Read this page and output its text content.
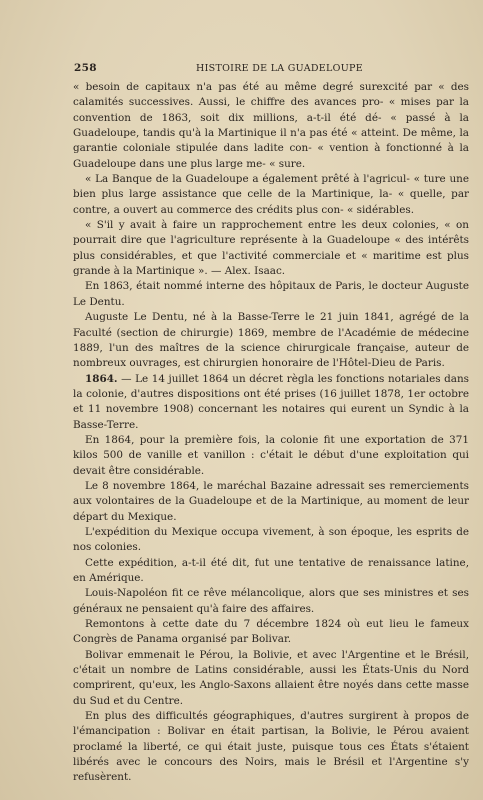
258	HISTOIRE DE LA GUADELOUPE

« besoin de capitaux n'a pas été au même degré surexcité par « des calamités successives. Aussi, le chiffre des avances pro- « mises par la convention de 1863, soit dix millions, a-t-il été dé- « passé à la Guadeloupe, tandis qu'à la Martinique il n'a pas été « atteint. De même, la garantie coloniale stipulée dans ladite con- « vention à fonctionné à la Guadeloupe dans une plus large me- « sure.

« La Banque de la Guadeloupe a également prêté à l'agricul- « ture une bien plus large assistance que celle de la Martinique, la- « quelle, par contre, a ouvert au commerce des crédits plus con- « sidérables.

« S'il y avait à faire un rapprochement entre les deux colonies, « on pourrait dire que l'agriculture représente à la Guadeloupe « des intérêts plus considérables, et que l'activité commerciale et « maritime est plus grande à la Martinique ». — Alex. Isaac.

En 1863, était nommé interne des hôpitaux de Paris, le docteur Auguste Le Dentu.

Auguste Le Dentu, né à la Basse-Terre le 21 juin 1841, agrégé de la Faculté (section de chirurgie) 1869, membre de l'Académie de médecine 1889, l'un des maîtres de la science chirurgicale française, auteur de nombreux ouvrages, est chirurgien honoraire de l'Hôtel-Dieu de Paris.

1864. — Le 14 juillet 1864 un décret règla les fonctions notariales dans la colonie, d'autres dispositions ont été prises (16 juillet 1878, 1er octobre et 11 novembre 1908) concernant les notaires qui eurent un Syndic à la Basse-Terre.

En 1864, pour la première fois, la colonie fit une exportation de 371 kilos 500 de vanille et vanillon : c'était le début d'une exploitation qui devait être considérable.

Le 8 novembre 1864, le maréchal Bazaine adressait ses remerciements aux volontaires de la Guadeloupe et de la Martinique, au moment de leur départ du Mexique.

L'expédition du Mexique occupa vivement, à son époque, les esprits de nos colonies.

Cette expédition, a-t-il été dit, fut une tentative de renaissance latine, en Amérique.

Louis-Napoléon fit ce rêve mélancolique, alors que ses ministres et ses généraux ne pensaient qu'à faire des affaires.

Remontons à cette date du 7 décembre 1824 où eut lieu le fameux Congrès de Panama organisé par Bolivar.

Bolivar emmenait le Pérou, la Bolivie, et avec l'Argentine et le Brésil, c'était un nombre de Latins considérable, aussi les États-Unis du Nord comprirent, qu'eux, les Anglo-Saxons allaient être noyés dans cette masse du Sud et du Centre.

En plus des difficultés géographiques, d'autres surgirent à propos de l'émancipation : Bolivar en était partisan, la Bolivie, le Pérou avaient proclamé la liberté, ce qui était juste, puisque tous ces États s'étaient libérés avec le concours des Noirs, mais le Brésil et l'Argentine s'y refusèrent.
